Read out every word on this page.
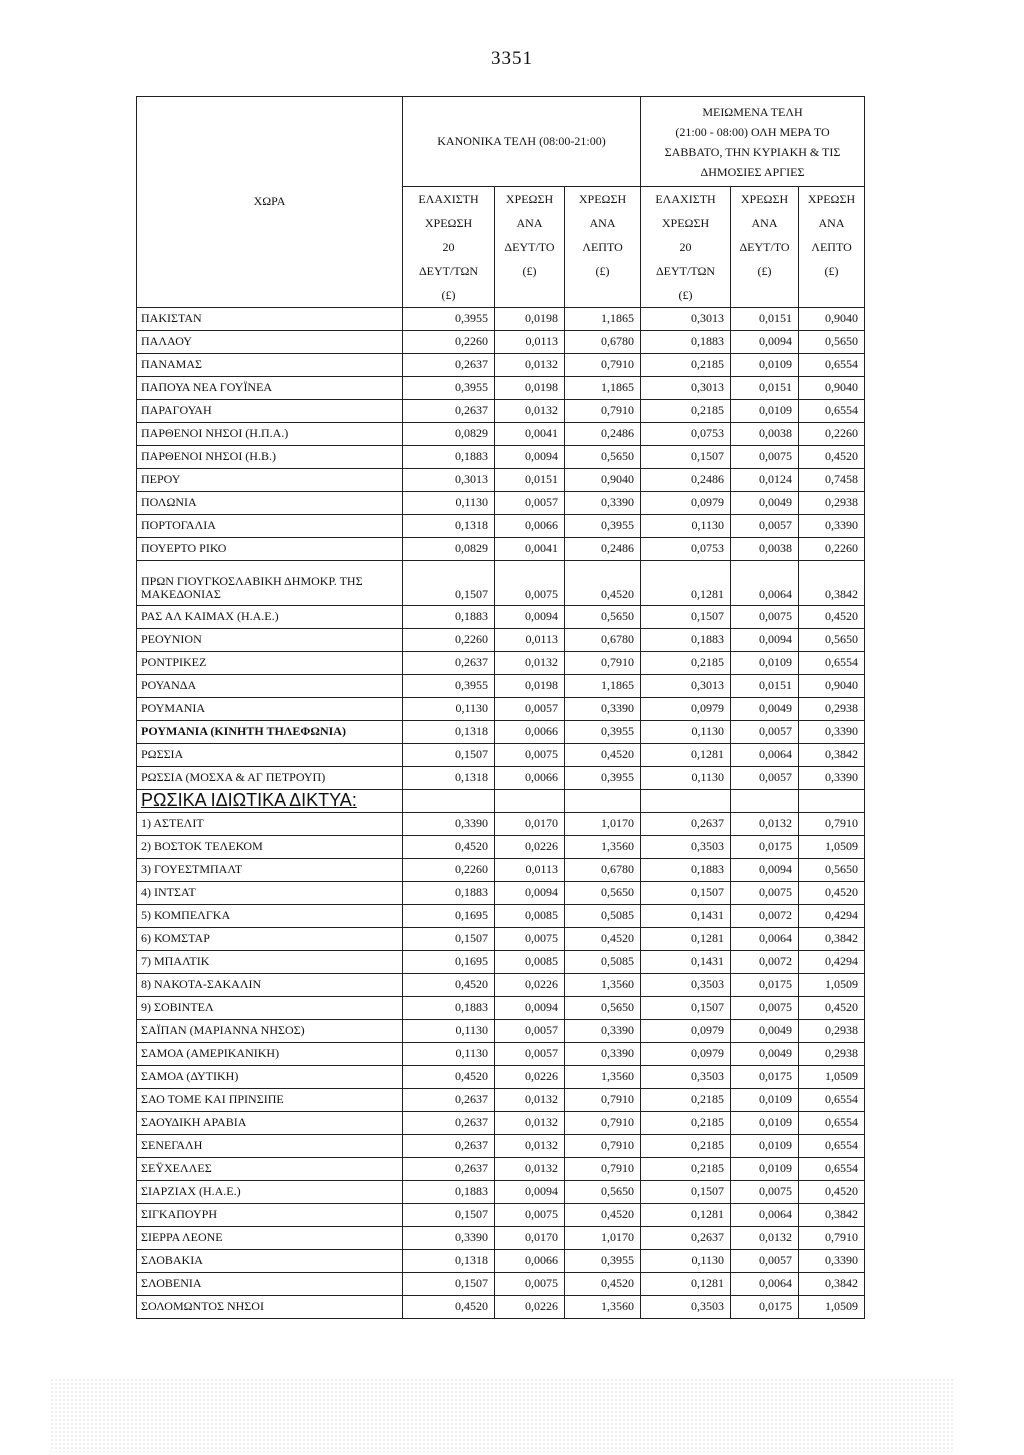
3351
ΧΩΡΑ	ΚΑΝΟΝΙΚΑ ΤΕΛΗ (08:00-21:00)			ΜΕΙΩΜΕΝΑ ΤΕΛΗ
(21:00 - 08:00) ΟΛΗ ΜΕΡΑ ΤΟ
ΣΑΒΒΑΤΟ, ΤΗΝ ΚΥΡΙΑΚΗ & ΤΙΣ
ΔΗΜΟΣΙΕΣ ΑΡΓΙΕΣ		

	ΕΛΑΧΙΣΤΗ
ΧΡΕΩΣΗ
20
ΔΕΥΤ/ΤΩΝ
(£)	ΧΡΕΩΣΗ
ΑΝΑ
ΔΕΥΤ/ΤΟ
(£)	ΧΡΕΩΣΗ
ΑΝΑ
ΛΕΠΤΟ
(£)	ΕΛΑΧΙΣΤΗ
ΧΡΕΩΣΗ
20
ΔΕΥΤ/ΤΩΝ
(£)	ΧΡΕΩΣΗ
ΑΝΑ
ΔΕΥΤ/ΤΟ
(£)	ΧΡΕΩΣΗ
ΑΝΑ
ΛΕΠΤΟ
(£)

ΠΑΚΙΣΤΑΝ	0,3955	0,0198	1,1865	0,3013	0,0151	0,9040
ΠΑΛΑΟΥ	0,2260	0,0113	0,6780	0,1883	0,0094	0,5650
ΠΑΝΑΜΑΣ	0,2637	0,0132	0,7910	0,2185	0,0109	0,6554
ΠΑΠΟΥΑ ΝΕΑ ΓΟΥΪΝΕΑ	0,3955	0,0198	1,1865	0,3013	0,0151	0,9040
ΠΑΡΑΓΟΥΑΗ	0,2637	0,0132	0,7910	0,2185	0,0109	0,6554
ΠΑΡΘΕΝΟΙ ΝΗΣΟΙ (Η.Π.Α.)	0,0829	0,0041	0,2486	0,0753	0,0038	0,2260
ΠΑΡΘΕΝΟΙ ΝΗΣΟΙ (Η.Β.)	0,1883	0,0094	0,5650	0,1507	0,0075	0,4520
ΠΕΡΟΥ	0,3013	0,0151	0,9040	0,2486	0,0124	0,7458
ΠΟΛΩΝΙΑ	0,1130	0,0057	0,3390	0,0979	0,0049	0,2938
ΠΟΡΤΟΓΑΛΙΑ	0,1318	0,0066	0,3955	0,1130	0,0057	0,3390
ΠΟΥΕΡΤΟ ΡΙΚΟ	0,0829	0,0041	0,2486	0,0753	0,0038	0,2260
ΠΡΩΝ ΓΙΟΥΓΚΟΣΛΑΒΙΚΗ ΔΗΜΟΚΡ. ΤΗΣ ΜΑΚΕΔΟΝΙΑΣ	0,1507	0,0075	0,4520	0,1281	0,0064	0,3842
ΡΑΣ ΑΛ ΚΑΙΜΑΧ (Η.Α.Ε.)	0,1883	0,0094	0,5650	0,1507	0,0075	0,4520
ΡΕΟΥΝΙΟΝ	0,2260	0,0113	0,6780	0,1883	0,0094	0,5650
ΡΟΝΤΡΙΚΕΖ	0,2637	0,0132	0,7910	0,2185	0,0109	0,6554
ΡΟΥΑΝΔΑ	0,3955	0,0198	1,1865	0,3013	0,0151	0,9040
ΡΟΥΜΑΝΙΑ	0,1130	0,0057	0,3390	0,0979	0,0049	0,2938
ΡΟΥΜΑΝΙΑ (ΚΙΝΗΤΗ ΤΗΛΕΦΩΝΙΑ)	0,1318	0,0066	0,3955	0,1130	0,0057	0,3390
ΡΩΣΣΙΑ	0,1507	0,0075	0,4520	0,1281	0,0064	0,3842
ΡΩΣΣΙΑ (ΜΟΣΧΑ & ΑΓ ΠΕΤΡΟΥΠ)	0,1318	0,0066	0,3955	0,1130	0,0057	0,3390
ΡΩΣΙΚΑ ΙΔΙΩΤΙΚΑ ΔΙΚΤΥΑ:						
1) ΑΣΤΕΛΙΤ	0,3390	0,0170	1,0170	0,2637	0,0132	0,7910
2) ΒΟΣΤΟΚ ΤΕΛΕΚΟΜ	0,4520	0,0226	1,3560	0,3503	0,0175	1,0509
3) ΓΟΥΕΣΤΜΠΑΛΤ	0,2260	0,0113	0,6780	0,1883	0,0094	0,5650
4) ΙΝΤΣΑΤ	0,1883	0,0094	0,5650	0,1507	0,0075	0,4520
5) ΚΟΜΠΕΛΓΚΑ	0,1695	0,0085	0,5085	0,1431	0,0072	0,4294
6) ΚΟΜΣΤΑΡ	0,1507	0,0075	0,4520	0,1281	0,0064	0,3842
7) ΜΠΑΛΤΙΚ	0,1695	0,0085	0,5085	0,1431	0,0072	0,4294
8) ΝΑΚΟΤΑ-ΣΑΚΑΛΙΝ	0,4520	0,0226	1,3560	0,3503	0,0175	1,0509
9) ΣΟΒΙΝΤΕΛ	0,1883	0,0094	0,5650	0,1507	0,0075	0,4520
ΣΑΪΠΑΝ (ΜΑΡΙΑΝΝΑ ΝΗΣΟΣ)	0,1130	0,0057	0,3390	0,0979	0,0049	0,2938
ΣΑΜΟΑ (ΑΜΕΡΙΚΑΝΙΚΗ)	0,1130	0,0057	0,3390	0,0979	0,0049	0,2938
ΣΑΜΟΑ (ΔΥΤΙΚΗ)	0,4520	0,0226	1,3560	0,3503	0,0175	1,0509
ΣΑΟ ΤΟΜΕ ΚΑΙ ΠΡΙΝΣΙΠΕ	0,2637	0,0132	0,7910	0,2185	0,0109	0,6554
ΣΑΟΥΔΙΚΗ ΑΡΑΒΙΑ	0,2637	0,0132	0,7910	0,2185	0,0109	0,6554
ΣΕΝΕΓΑΛΗ	0,2637	0,0132	0,7910	0,2185	0,0109	0,6554
ΣΕΫΧΕΛΛΕΣ	0,2637	0,0132	0,7910	0,2185	0,0109	0,6554
ΣΙΑΡΖΙΑΧ (Η.Α.Ε.)	0,1883	0,0094	0,5650	0,1507	0,0075	0,4520
ΣΙΓΚΑΠΟΥΡΗ	0,1507	0,0075	0,4520	0,1281	0,0064	0,3842
ΣΙΕΡΡΑ ΛΕΟΝΕ	0,3390	0,0170	1,0170	0,2637	0,0132	0,7910
ΣΛΟΒΑΚΙΑ	0,1318	0,0066	0,3955	0,1130	0,0057	0,3390
ΣΛΟΒΕΝΙΑ	0,1507	0,0075	0,4520	0,1281	0,0064	0,3842
ΣΟΛΟΜΩΝΤΟΣ ΝΗΣΟΙ	0,4520	0,0226	1,3560	0,3503	0,0175	1,0509
